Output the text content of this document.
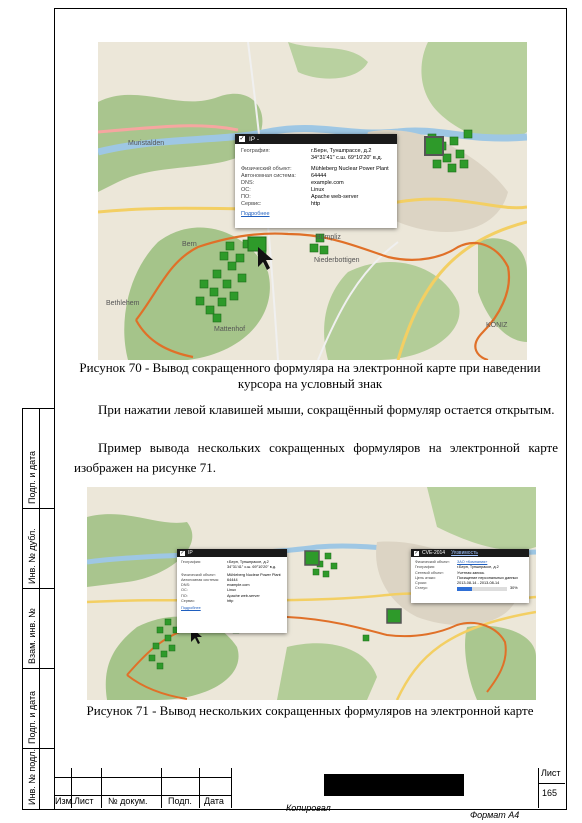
Подп. и дата
Инв. № дубл.
Взам. инв. №
Подп. и дата
Инв. № подл.
Bern
Niederbottigen
Mattenhof
Bümpliz
KÖNIZ
Muristalden
Bethlehem
✓ IP -
География:	г.Берн, Туншпрассе, д.2
34°31'41" с.ш. 69°10'20" в.д.
Физический объект:	Mühleberg Nuclear Power Plant
Автономная система:	64444
DNS:	example.com
ОС:	Linux
ПО:	Apache web-server
Сервис:	http
Подробнее
Рисунок 70 - Вывод сокращенного формуляра на электронной карте при наведении курсора на условный знак
При нажатии левой клавишей мыши, сокращённый формуляр остается открытым.
Пример вывода нескольких сокращенных формуляров на электронной карте изображен на рисунке 71.
✓ IP
География:	г.Берн, Туншпрассе, д.2
34°31'41" с.ш. 69°10'20" в.д.
Физический объект:	Mühleberg Nuclear Power Plant
Автономная система:	64444
DNS:	example.com
ОС:	Linux
ПО:	Apache web-server
Сервис:	http
Подробнее
✓ CVE-2014 Уязвимость
Физический объект:	ЗАО «Компания»
География:	г.Берн, Туншпрассе, д.2
Сетевой объект:	Учетная запись
Цель атаки:	Похищение персональных данных
Сроки:	2013-08-14 - 2013-08-14
Статус:	30%
Рисунок 71 - Вывод нескольких сокращенных формуляров на электронной карте
Изм. Лист	№ докум.	Подп.	Дата
Лист
165
Копировал
Формат А4
